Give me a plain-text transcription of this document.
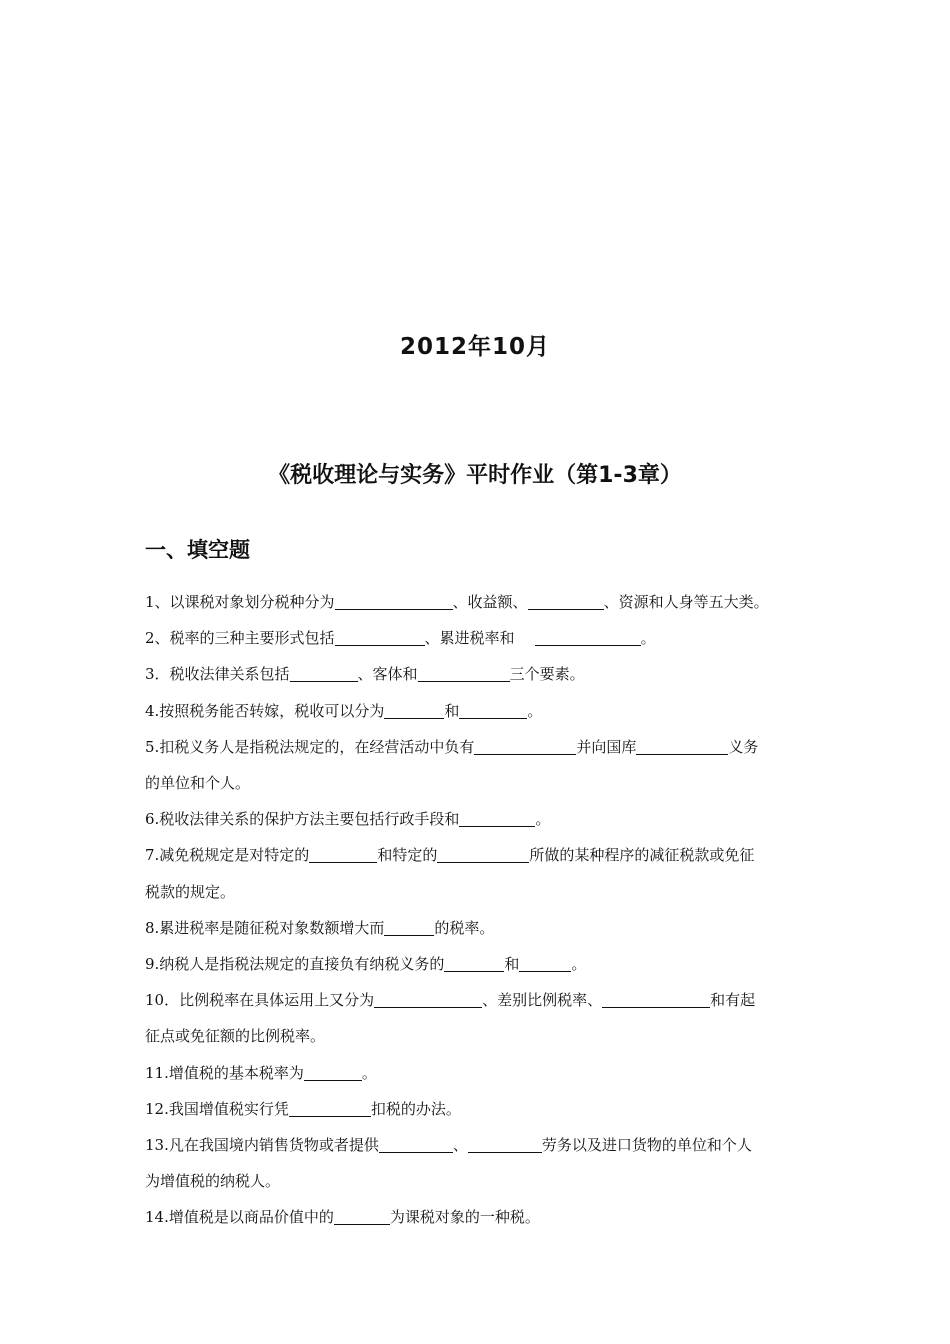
2012年10月
《税收理论与实务》平时作业（第1-3章）
一、填空题

1、以课税对象划分税种分为	、收益额、	、资源和人身等五大类。

2、税率的三种主要形式包括	、累进税率和	。

3．税收法律关系包括	、客体和	三个要素。

4.按照税务能否转嫁，税收可以分为	和	。

5.扣税义务人是指税法规定的，在经营活动中负有	并向国库	义务
的单位和个人。

6.税收法律关系的保护方法主要包括行政手段和	。

7.减免税规定是对特定的	和特定的	所做的某种程序的减征税款或免征
税款的规定。

8.累进税率是随征税对象数额增大而	的税率。

9.纳税人是指税法规定的直接负有纳税义务的	和	。

10．比例税率在具体运用上又分为	、差别比例税率、	和有起
征点或免征额的比例税率。

11.增值税的基本税率为	。

12.我国增值税实行凭	扣税的办法。

13.凡在我国境内销售货物或者提供	、	劳务以及进口货物的单位和个人
为增值税的纳税人。

14.增值税是以商品价值中的	为课税对象的一种税。
